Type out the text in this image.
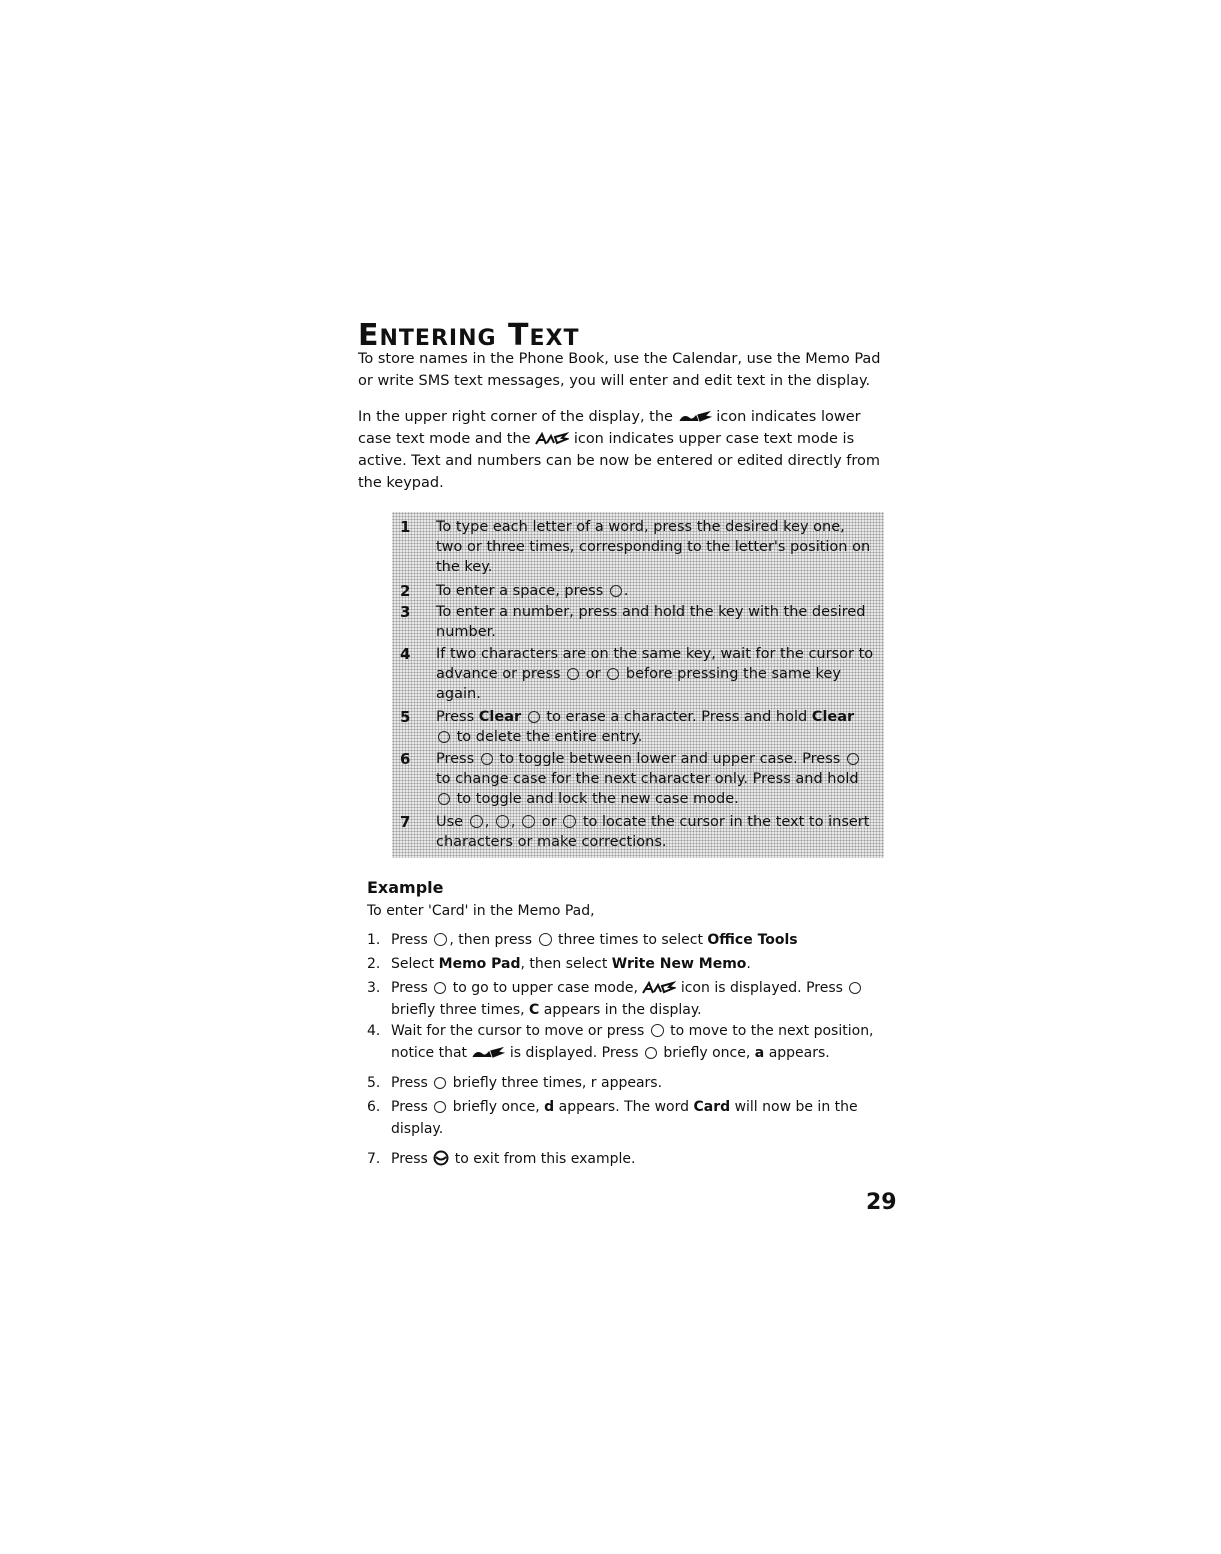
ENTERING TEXT
To store names in the Phone Book, use the Calendar, use the Memo Pad or write SMS text messages, you will enter and edit text in the display.
In the upper right corner of the display, the	icon indicates lower case text mode and the	icon indicates upper case text mode is active. Text and numbers can be now be entered or edited directly from the keypad.
1 To type each letter of a word, press the desired key one, two or three times, corresponding to the letter's position on the key.
2 To enter a space, press .
3 To enter a number, press and hold the key with the desired number.
4 If two characters are on the same key, wait for the cursor to advance or press or before pressing the same key again.
5 Press Clear to erase a character. Press and hold Clear  to delete the entire entry.
6 Press to toggle between lower and upper case. Press  to change case for the next character only. Press and hold  to toggle and lock the new case mode.
7 Use , , or to locate the cursor in the text to insert characters or make corrections.
Example
To enter 'Card' in the Memo Pad,
1. Press , then press three times to select Office Tools
2. Select Memo Pad, then select Write New Memo.
3. Press to go to upper case mode,	icon is displayed. Press  briefly three times, C appears in the display.
4. Wait for the cursor to move or press to move to the next position, notice that	is displayed. Press briefly once, a appears.
5. Press briefly three times, r appears.
6. Press briefly once, d appears. The word Card will now be in the display.
7. Press to exit from this example.
29
